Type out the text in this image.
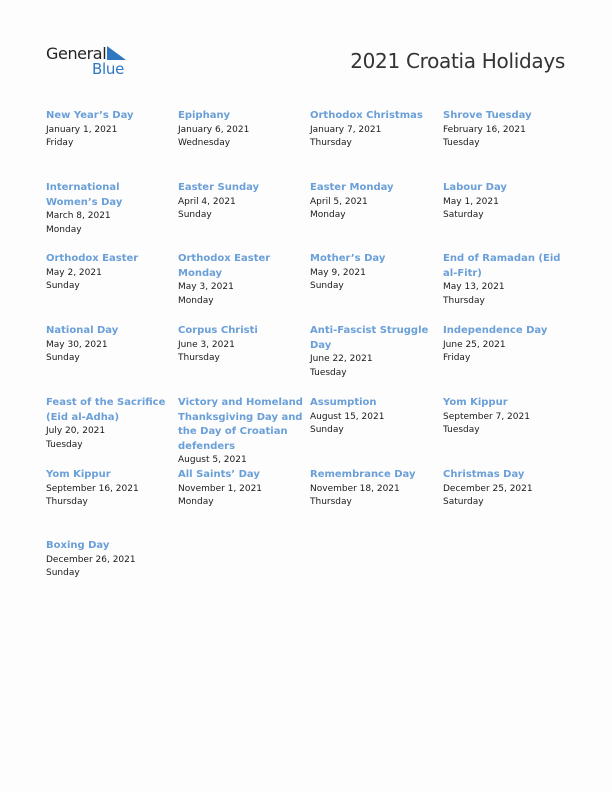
General
Blue	2021 Croatia Holidays
New Year’s Day
January 1, 2021
Friday
Epiphany
January 6, 2021
Wednesday
Orthodox Christmas
January 7, 2021
Thursday
Shrove Tuesday
February 16, 2021
Tuesday
International Women’s Day
March 8, 2021
Monday
Easter Sunday
April 4, 2021
Sunday
Easter Monday
April 5, 2021
Monday
Labour Day
May 1, 2021
Saturday
Orthodox Easter
May 2, 2021
Sunday
Orthodox Easter Monday
May 3, 2021
Monday
Mother’s Day
May 9, 2021
Sunday
End of Ramadan (Eid al-Fitr)
May 13, 2021
Thursday
National Day
May 30, 2021
Sunday
Corpus Christi
June 3, 2021
Thursday
Anti-Fascist Struggle Day
June 22, 2021
Tuesday
Independence Day
June 25, 2021
Friday
Feast of the Sacrifice (Eid al-Adha)
July 20, 2021
Tuesday
Victory and Homeland Thanksgiving Day and the Day of Croatian defenders
August 5, 2021
Assumption
August 15, 2021
Sunday
Yom Kippur
September 7, 2021
Tuesday
Yom Kippur
September 16, 2021
Thursday
All Saints’ Day
November 1, 2021
Monday
Remembrance Day
November 18, 2021
Thursday
Christmas Day
December 25, 2021
Saturday
Boxing Day
December 26, 2021
Sunday
